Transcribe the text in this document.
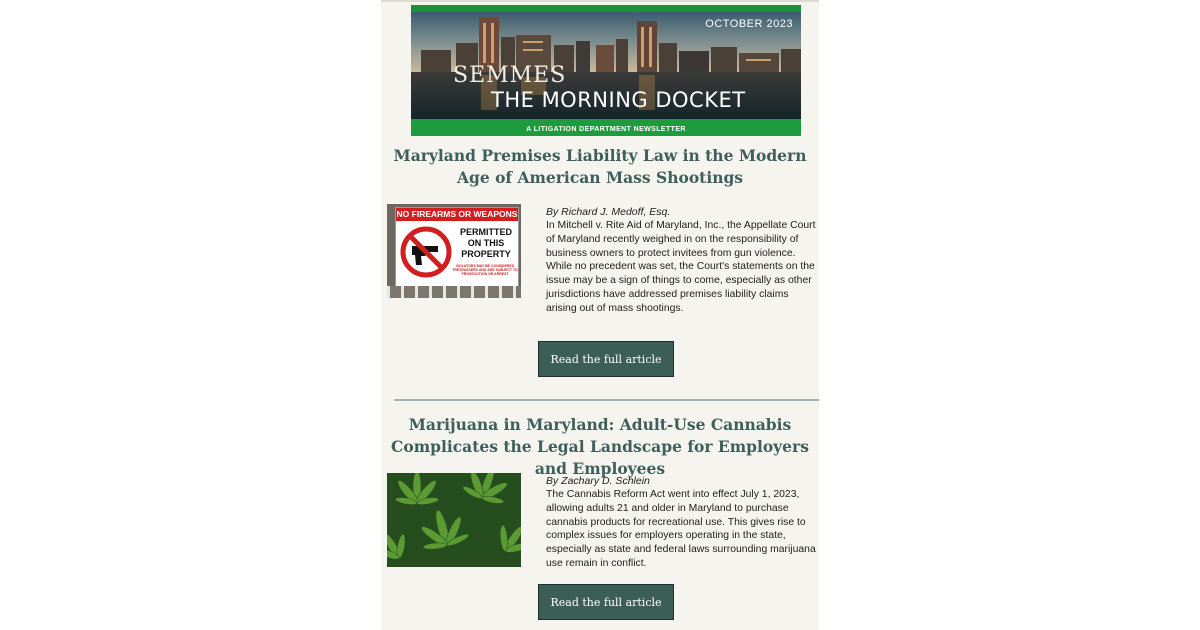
OCTOBER 2023
SEMMES
THE MORNING DOCKET
A LITIGATION DEPARTMENT NEWSLETTER
Maryland Premises Liability Law in the Modern Age of American Mass Shootings
NO FIREARMS OR WEAPONS
PERMITTED ON THIS PROPERTY
VIOLATORS MAY BE CONSIDERED TRESPASSERS AND ARE SUBJECT TO PROSECUTION OR ARREST
By Richard J. Medoff, Esq.

In Mitchell v. Rite Aid of Maryland, Inc., the Appellate Court of Maryland recently weighed in on the responsibility of business owners to protect invitees from gun violence. While no precedent was set, the Court's statements on the issue may be a sign of things to come, especially as other jurisdictions have addressed premises liability claims arising out of mass shootings.

Read the full article
Marijuana in Maryland: Adult-Use Cannabis Complicates the Legal Landscape for Employers and Employees
By Zachary D. Schlein

The Cannabis Reform Act went into effect July 1, 2023, allowing adults 21 and older in Maryland to purchase cannabis products for recreational use. This gives rise to complex issues for employers operating in the state, especially as state and federal laws surrounding marijuana use remain in conflict.

Read the full article
